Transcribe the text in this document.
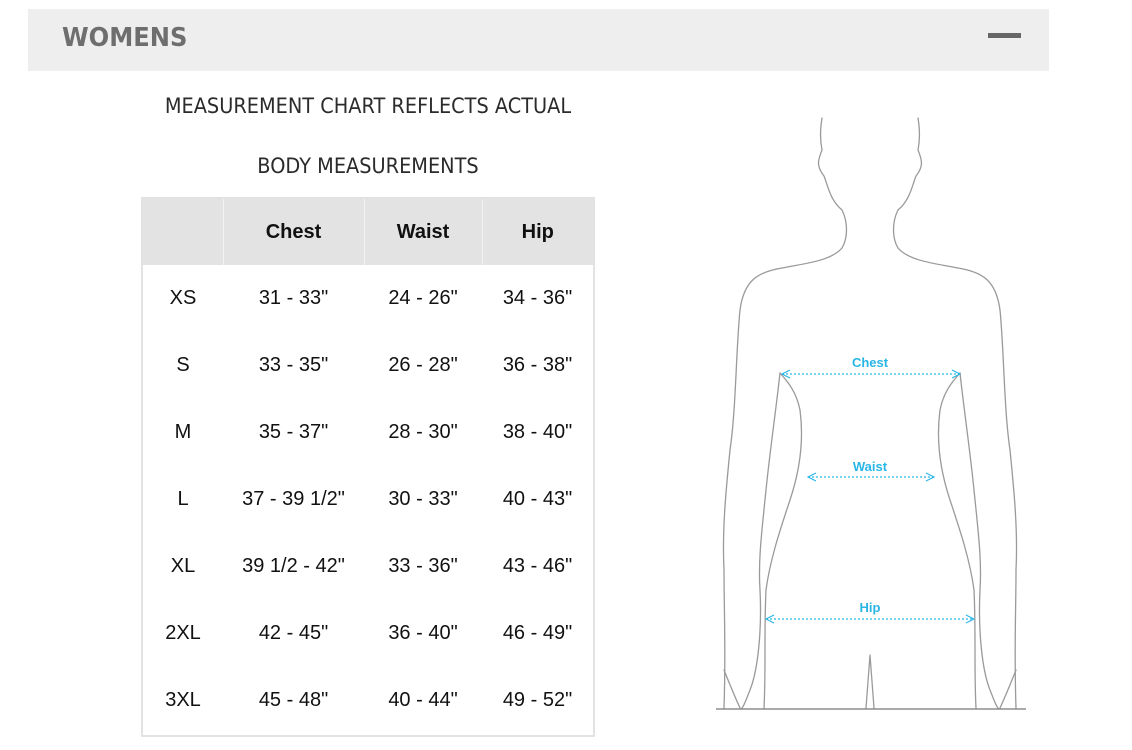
WOMENS
MEASUREMENT CHART REFLECTS ACTUAL
BODY MEASUREMENTS
	Chest	Waist	Hip
XS	31 - 33"	24 - 26"	34 - 36"
S	33 - 35"	26 - 28"	36 - 38"
M	35 - 37"	28 - 30"	38 - 40"
L	37 - 39 1/2"	30 - 33"	40 - 43"
XL	39 1/2 - 42"	33 - 36"	43 - 46"
2XL	42 - 45"	36 - 40"	46 - 49"
3XL	45 - 48"	40 - 44"	49 - 52"
Chest
Waist
Hip
